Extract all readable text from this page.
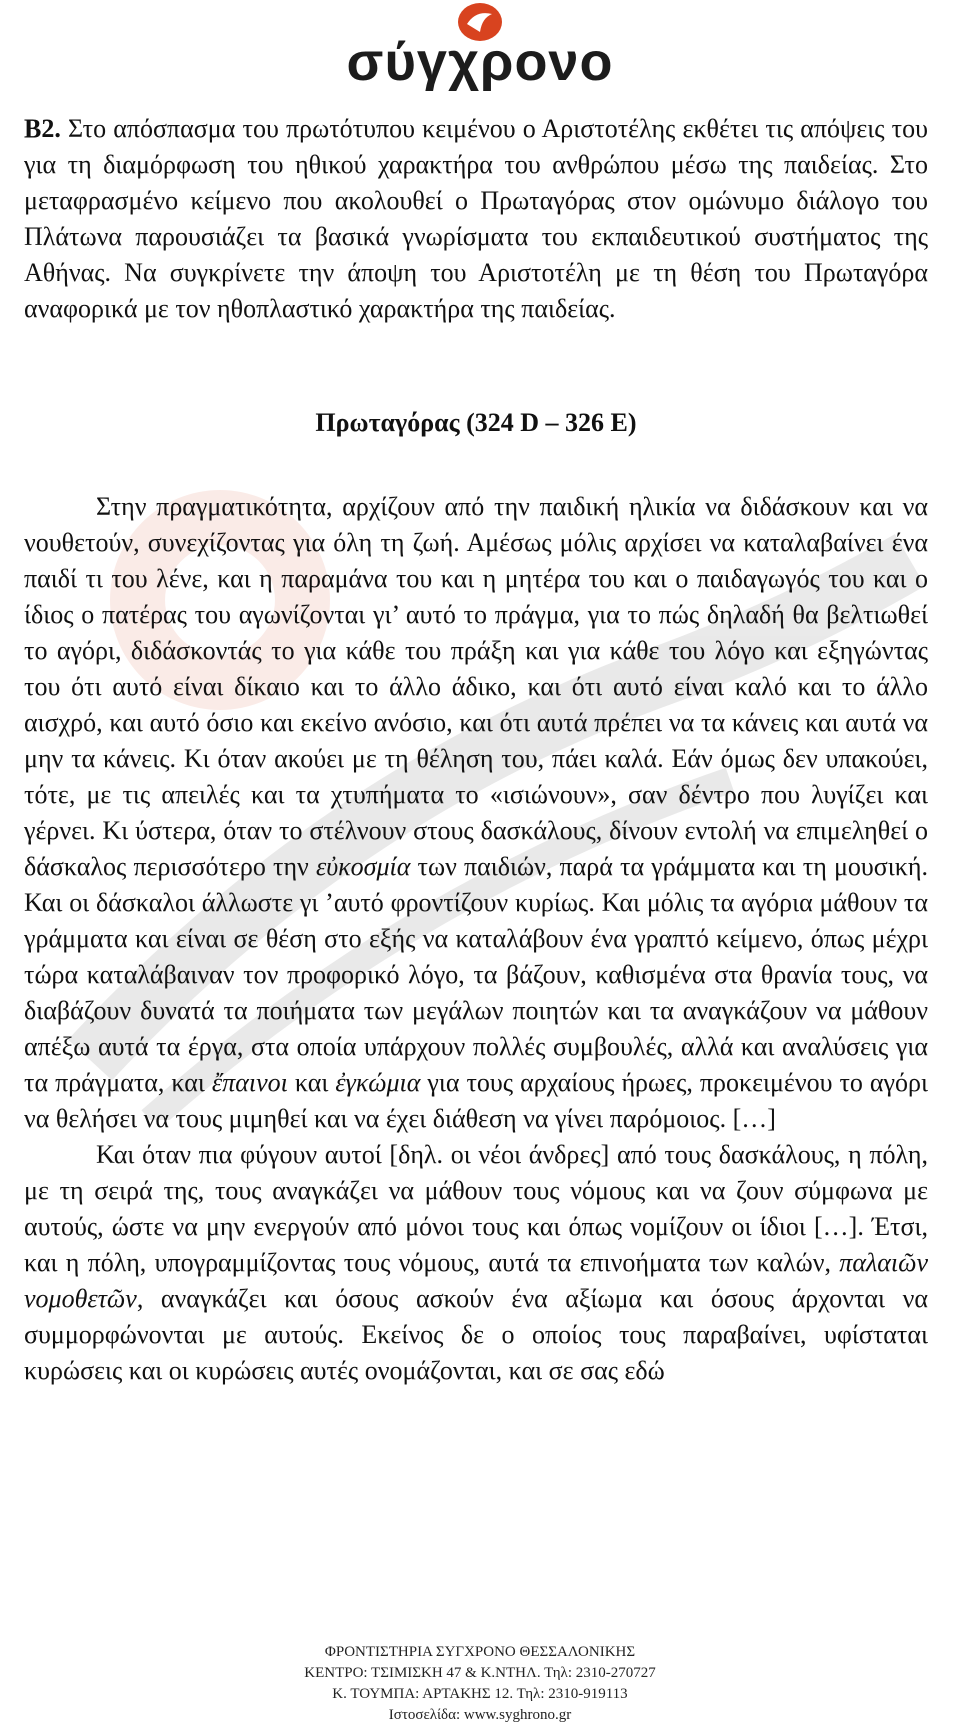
σύγχρονο

Β2. Στο απόσπασμα του πρωτότυπου κειμένου ο Αριστοτέλης εκθέτει τις απόψεις του για τη διαμόρφωση του ηθικού χαρακτήρα του ανθρώπου μέσω της παιδείας. Στο μεταφρασμένο κείμενο που ακολουθεί ο Πρωταγόρας στον ομώνυμο διάλογο του Πλάτωνα παρουσιάζει τα βασικά γνωρίσματα του εκπαιδευτικού συστήματος της Αθήνας. Να συγκρίνετε την άποψη του Αριστοτέλη με τη θέση του Πρωταγόρα αναφορικά με τον ηθοπλαστικό χαρακτήρα της παιδείας.

Πρωταγόρας (324 D – 326 E)

Στην πραγματικότητα, αρχίζουν από την παιδική ηλικία να διδάσκουν και να νουθετούν, συνεχίζοντας για όλη τη ζωή. Αμέσως μόλις αρχίσει να καταλαβαίνει ένα παιδί τι του λένε, και η παραμάνα του και η μητέρα του και ο παιδαγωγός του και ο ίδιος ο πατέρας του αγωνίζονται γι’ αυτό το πράγμα, για το πώς δηλαδή θα βελτιωθεί το αγόρι, διδάσκοντάς το για κάθε του πράξη και για κάθε του λόγο και εξηγώντας του ότι αυτό είναι δίκαιο και το άλλο άδικο, και ότι αυτό είναι καλό και το άλλο αισχρό, και αυτό όσιο και εκείνο ανόσιο, και ότι αυτά πρέπει να τα κάνεις και αυτά να μην τα κάνεις. Κι όταν ακούει με τη θέληση του, πάει καλά. Εάν όμως δεν υπακούει, τότε, με τις απειλές και τα χτυπήματα το «ισιώνουν», σαν δέντρο που λυγίζει και γέρνει. Κι ύστερα, όταν το στέλνουν στους δασκάλους, δίνουν εντολή να επιμεληθεί ο δάσκαλος περισσότερο την εὐκοσμία των παιδιών, παρά τα γράμματα και τη μουσική. Και οι δάσκαλοι άλλωστε γι ’αυτό φροντίζουν κυρίως. Και μόλις τα αγόρια μάθουν τα γράμματα και είναι σε θέση στο εξής να καταλάβουν ένα γραπτό κείμενο, όπως μέχρι τώρα καταλάβαιναν τον προφορικό λόγο, τα βάζουν, καθισμένα στα θρανία τους, να διαβάζουν δυνατά τα ποιήματα των μεγάλων ποιητών και τα αναγκάζουν να μάθουν απέξω αυτά τα έργα, στα οποία υπάρχουν πολλές συμβουλές, αλλά και αναλύσεις για τα πράγματα, και ἔπαινοι και ἐγκώμια για τους αρχαίους ήρωες, προκειμένου το αγόρι να θελήσει να τους μιμηθεί και να έχει διάθεση να γίνει παρόμοιος. […]

Και όταν πια φύγουν αυτοί [δηλ. οι νέοι άνδρες] από τους δασκάλους, η πόλη, με τη σειρά της, τους αναγκάζει να μάθουν τους νόμους και να ζουν σύμφωνα με αυτούς, ώστε να μην ενεργούν από μόνοι τους και όπως νομίζουν οι ίδιοι […]. Έτσι, και η πόλη, υπογραμμίζοντας τους νόμους, αυτά τα επινοήματα των καλών, παλαιῶν νομοθετῶν, αναγκάζει και όσους ασκούν ένα αξίωμα και όσους άρχονται να συμμορφώνονται με αυτούς. Εκείνος δε ο οποίος τους παραβαίνει, υφίσταται κυρώσεις και οι κυρώσεις αυτές ονομάζονται, και σε σας εδώ

ΦΡΟΝΤΙΣΤΗΡΙΑ ΣΥΓΧΡΟΝΟ ΘΕΣΣΑΛΟΝΙΚΗΣ
ΚΕΝΤΡΟ: ΤΣΙΜΙΣΚΗ 47 & Κ.ΝΤΗΛ. Τηλ: 2310-270727
Κ. ΤΟΥΜΠΑ: ΑΡΤΑΚΗΣ 12. Τηλ: 2310-919113
Ιστοσελίδα: www.syghrono.gr
